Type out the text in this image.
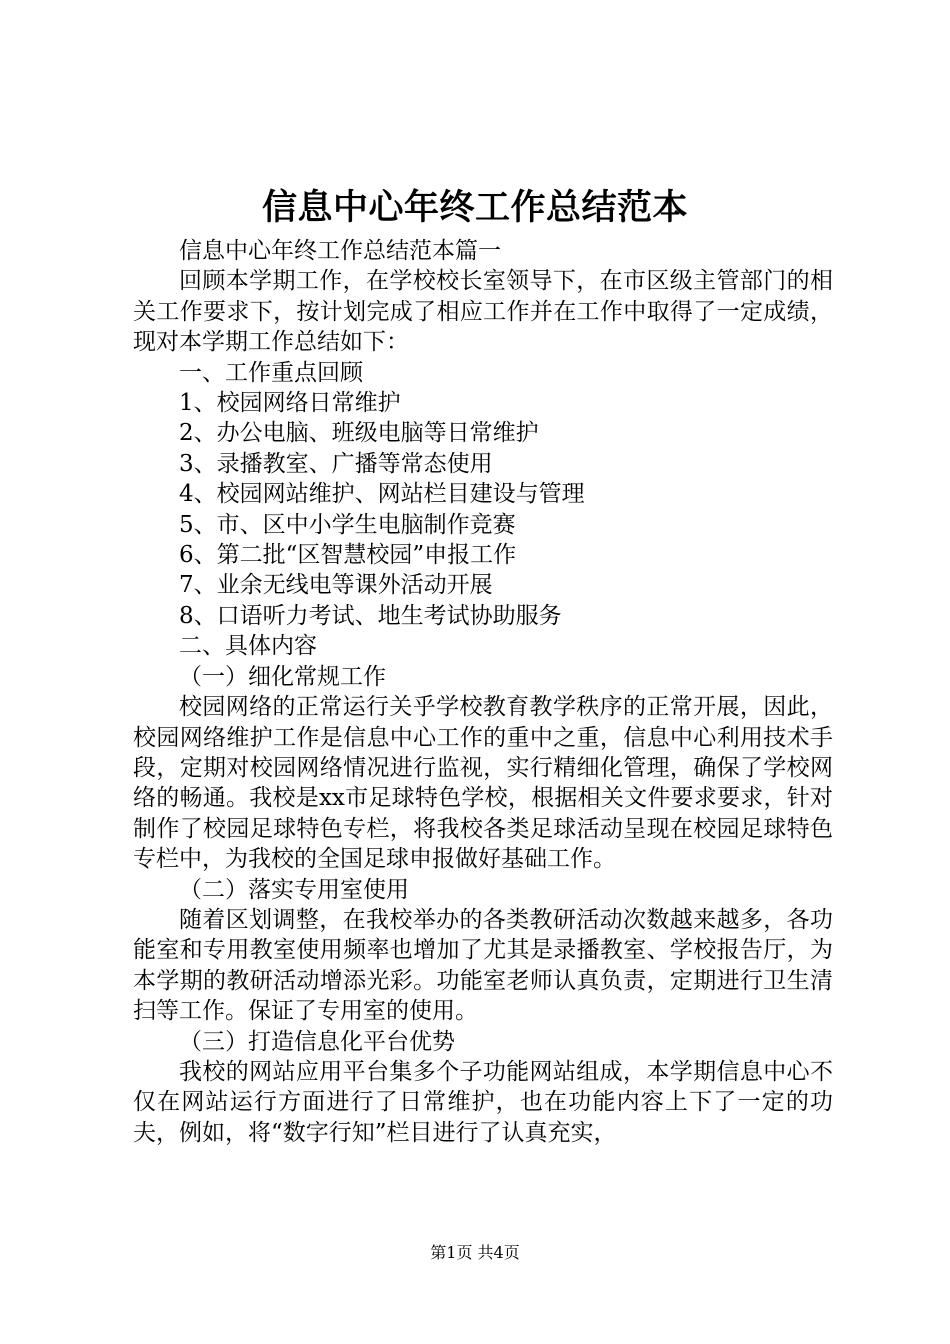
信息中心年终工作总结范本

信息中心年终工作总结范本篇一

回顾本学期工作，在学校校长室领导下，在市区级主管部门的相关工作要求下，按计划完成了相应工作并在工作中取得了一定成绩，现对本学期工作总结如下：

一、工作重点回顾

1、校园网络日常维护

2、办公电脑、班级电脑等日常维护

3、录播教室、广播等常态使用

4、校园网站维护、网站栏目建设与管理

5、市、区中小学生电脑制作竞赛

6、第二批“区智慧校园”申报工作

7、业余无线电等课外活动开展

8、口语听力考试、地生考试协助服务

二、具体内容

（一）细化常规工作

校园网络的正常运行关乎学校教育教学秩序的正常开展，因此，校园网络维护工作是信息中心工作的重中之重，信息中心利用技术手段，定期对校园网络情况进行监视，实行精细化管理，确保了学校网络的畅通。我校是xx市足球特色学校，根据相关文件要求要求，针对制作了校园足球特色专栏，将我校各类足球活动呈现在校园足球特色专栏中，为我校的全国足球申报做好基础工作。

（二）落实专用室使用

随着区划调整，在我校举办的各类教研活动次数越来越多，各功能室和专用教室使用频率也增加了尤其是录播教室、学校报告厅，为本学期的教研活动增添光彩。功能室老师认真负责，定期进行卫生清扫等工作。保证了专用室的使用。

（三）打造信息化平台优势

我校的网站应用平台集多个子功能网站组成，本学期信息中心不仅在网站运行方面进行了日常维护，也在功能内容上下了一定的功夫，例如，将“数字行知”栏目进行了认真充实，

第1页 共4页
